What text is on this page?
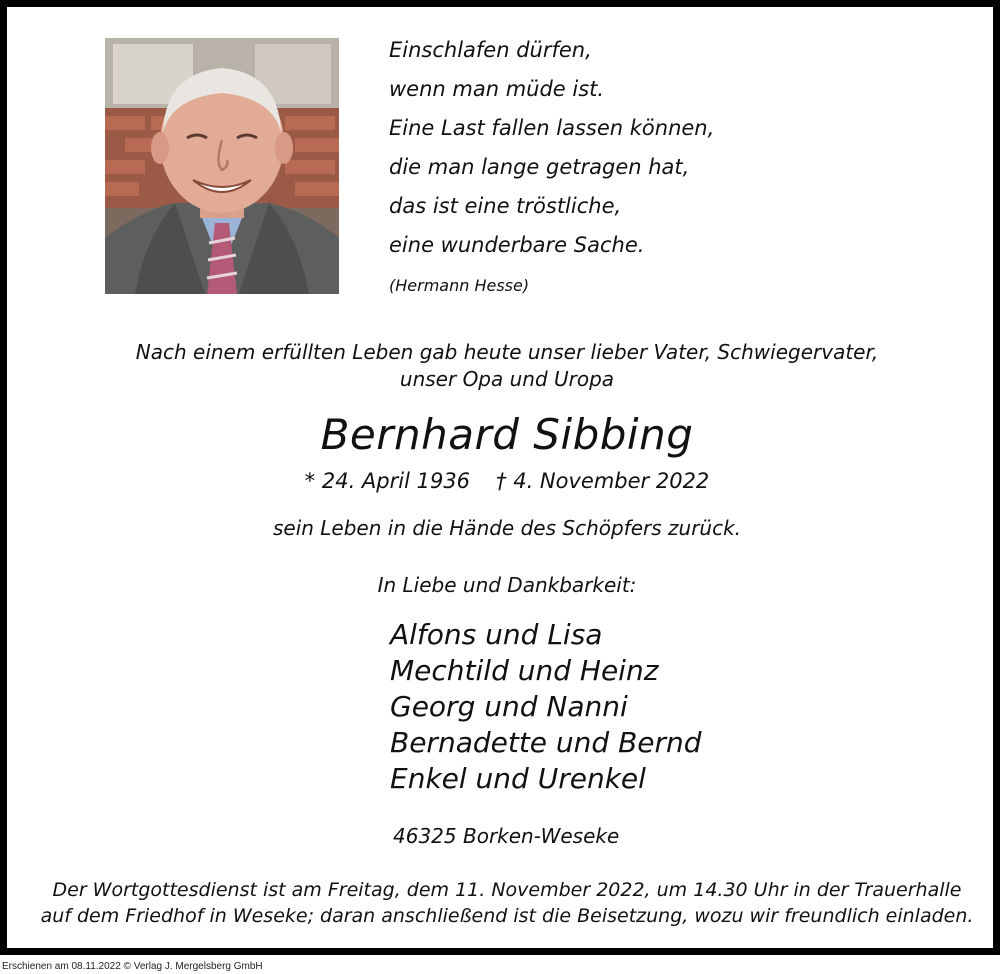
Einschlafen dürfen,
wenn man müde ist.
Eine Last fallen lassen können,
die man lange getragen hat,
das ist eine tröstliche,
eine wunderbare Sache.
(Hermann Hesse)
Nach einem erfüllten Leben gab heute unser lieber Vater, Schwiegervater,
unser Opa und Uropa
Bernhard Sibbing
* 24. April 1936 † 4. November 2022
sein Leben in die Hände des Schöpfers zurück.
In Liebe und Dankbarkeit:
Alfons und Lisa
Mechtild und Heinz
Georg und Nanni
Bernadette und Bernd
Enkel und Urenkel
46325 Borken-Weseke
Der Wortgottesdienst ist am Freitag, dem 11. November 2022, um 14.30 Uhr in der Trauerhalle
auf dem Friedhof in Weseke; daran anschließend ist die Beisetzung, wozu wir freundlich einladen.
Erschienen am 08.11.2022 © Verlag J. Mergelsberg GmbH
